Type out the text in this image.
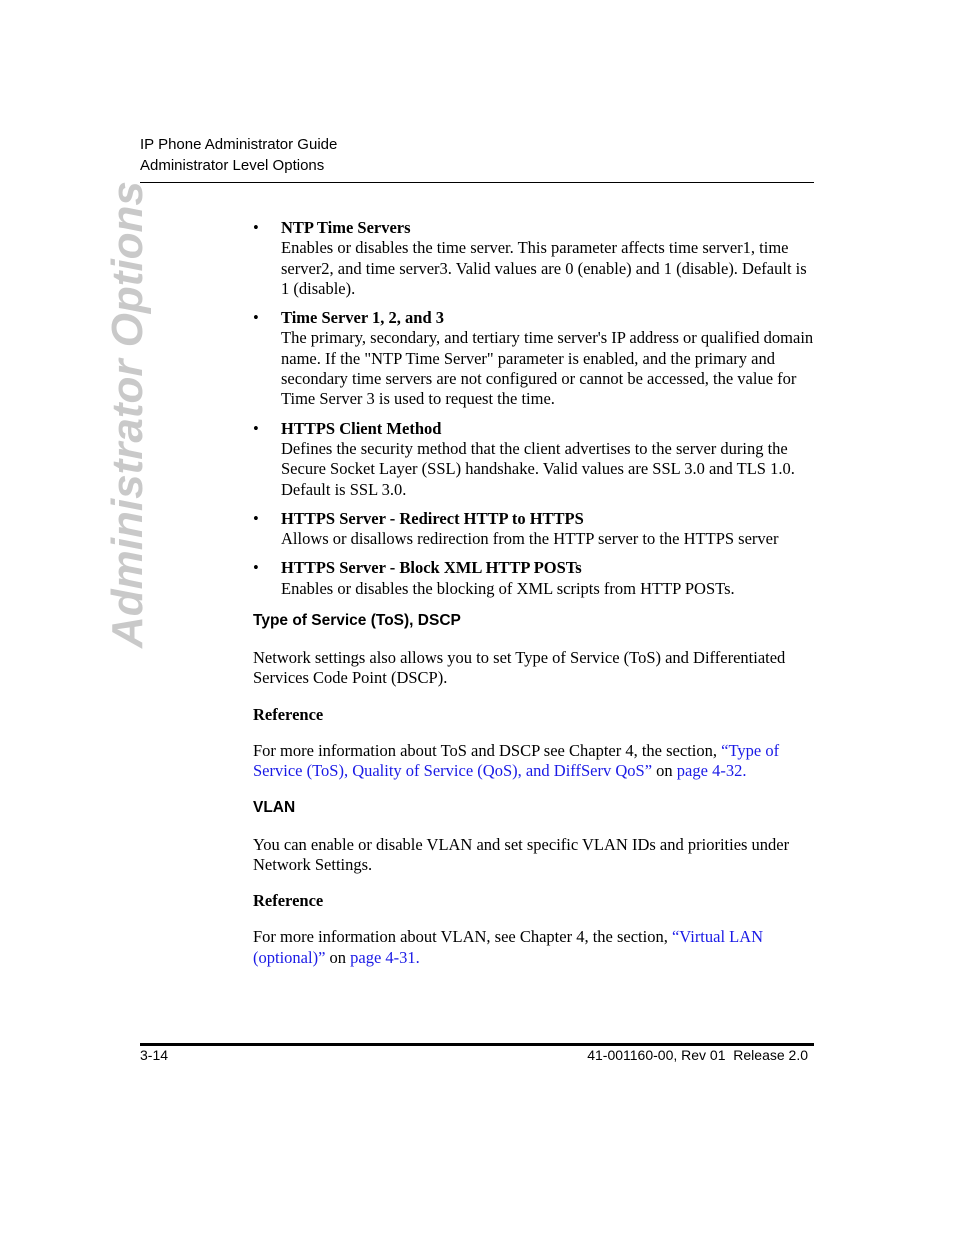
IP Phone Administrator Guide
Administrator Level Options
Administrator Options	• NTP Time Servers
Enables or disables the time server. This parameter affects time server1, time server2, and time server3. Valid values are 0 (enable) and 1 (disable). Default is 1 (disable).
• Time Server 1, 2, and 3
The primary, secondary, and tertiary time server's IP address or qualified domain name. If the "NTP Time Server" parameter is enabled, and the primary and secondary time servers are not configured or cannot be accessed, the value for Time Server 3 is used to request the time.
• HTTPS Client Method
Defines the security method that the client advertises to the server during the Secure Socket Layer (SSL) handshake. Valid values are SSL 3.0 and TLS 1.0. Default is SSL 3.0.
• HTTPS Server - Redirect HTTP to HTTPS
Allows or disallows redirection from the HTTP server to the HTTPS server
• HTTPS Server - Block XML HTTP POSTs
Enables or disables the blocking of XML scripts from HTTP POSTs.
Type of Service (ToS), DSCP
Network settings also allows you to set Type of Service (ToS) and Differentiated Services Code Point (DSCP).
Reference
For more information about ToS and DSCP see Chapter 4, the section, “Type of Service (ToS), Quality of Service (QoS), and DiffServ QoS” on page 4-32.
VLAN
You can enable or disable VLAN and set specific VLAN IDs and priorities under Network Settings.
Reference
For more information about VLAN, see Chapter 4, the section, “Virtual LAN (optional)” on page 4-31.
3-14	41-001160-00, Rev 01  Release 2.0
